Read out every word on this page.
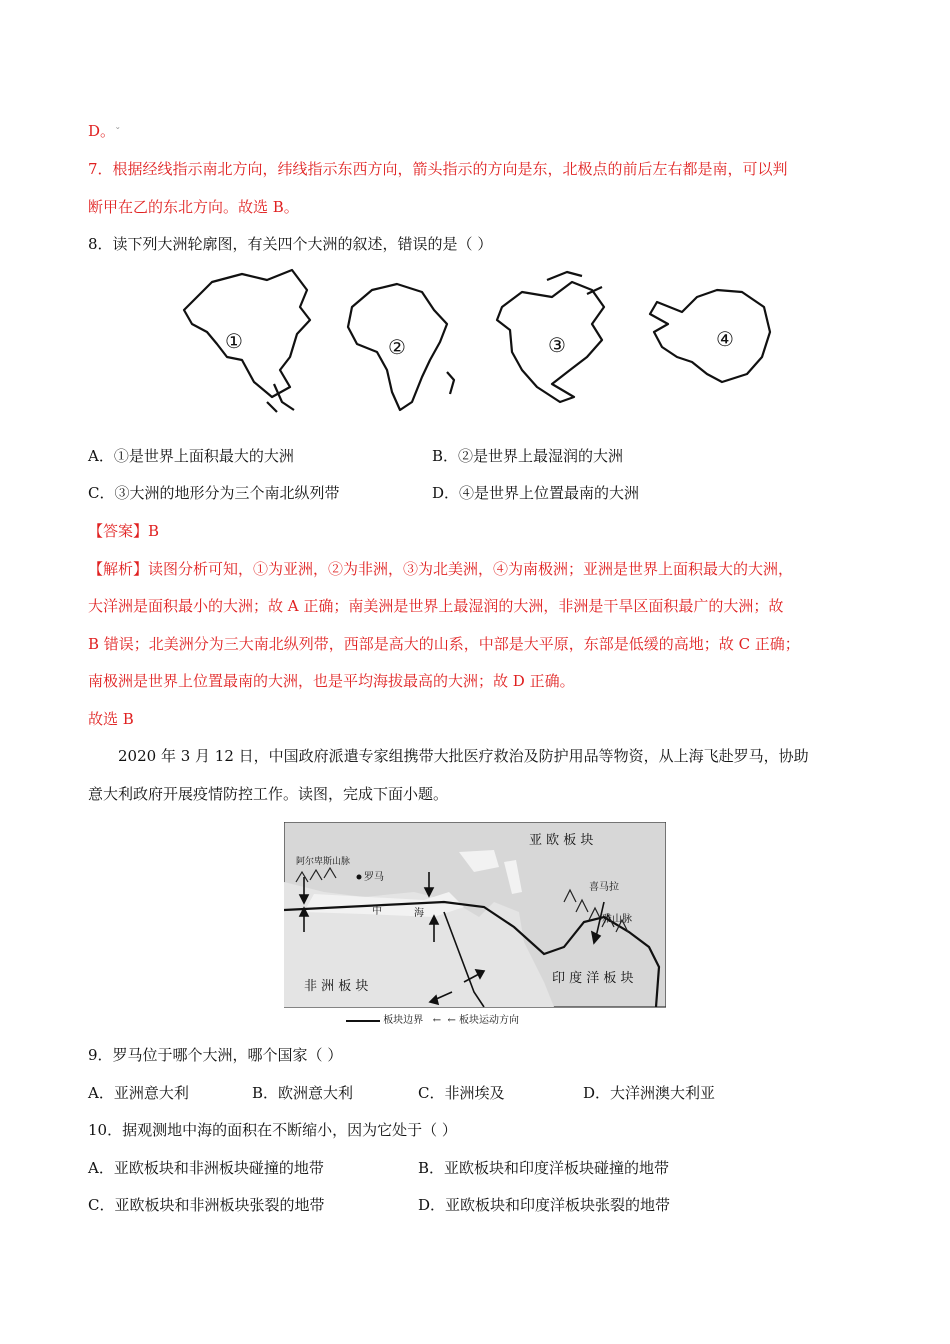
D。ˇ
7．根据经线指示南北方向，纬线指示东西方向，箭头指示的方向是东，北极点的前后左右都是南，可以判
断甲在乙的东北方向。故选 B。
8．读下列大洲轮廓图，有关四个大洲的叙述，错误的是（ ）
①	②	③	④
A．①是世界上面积最大的大洲	B．②是世界上最湿润的大洲
C．③大洲的地形分为三个南北纵列带	D．④是世界上位置最南的大洲
【答案】B
【解析】读图分析可知，①为亚洲，②为非洲，③为北美洲，④为南极洲；亚洲是世界上面积最大的大洲，
大洋洲是面积最小的大洲；故 A 正确；南美洲是世界上最湿润的大洲，非洲是干旱区面积最广的大洲；故
B 错误；北美洲分为三大南北纵列带，西部是高大的山系，中部是大平原，东部是低缓的高地；故 C 正确；
南极洲是世界上位置最南的大洲，也是平均海拔最高的大洲；故 D 正确。
故选 B
2020 年 3 月 12 日，中国政府派遣专家组携带大批医疗救治及防护用品等物资，从上海飞赴罗马，协助
意大利政府开展疫情防控工作。读图，完成下面小题。
亚 欧 板 块
非 洲 板 块
印 度 洋 板 块
阿尔卑斯山脉
罗马
喜马拉
雅山脉
中	海
板块边界 ←  ← 板块运动方向
9．罗马位于哪个大洲，哪个国家（ ）
A．亚洲意大利	B．欧洲意大利	C．非洲埃及	D．大洋洲澳大利亚
10．据观测地中海的面积在不断缩小，因为它处于（ ）
A．亚欧板块和非洲板块碰撞的地带	B．亚欧板块和印度洋板块碰撞的地带
C．亚欧板块和非洲板块张裂的地带	D．亚欧板块和印度洋板块张裂的地带
